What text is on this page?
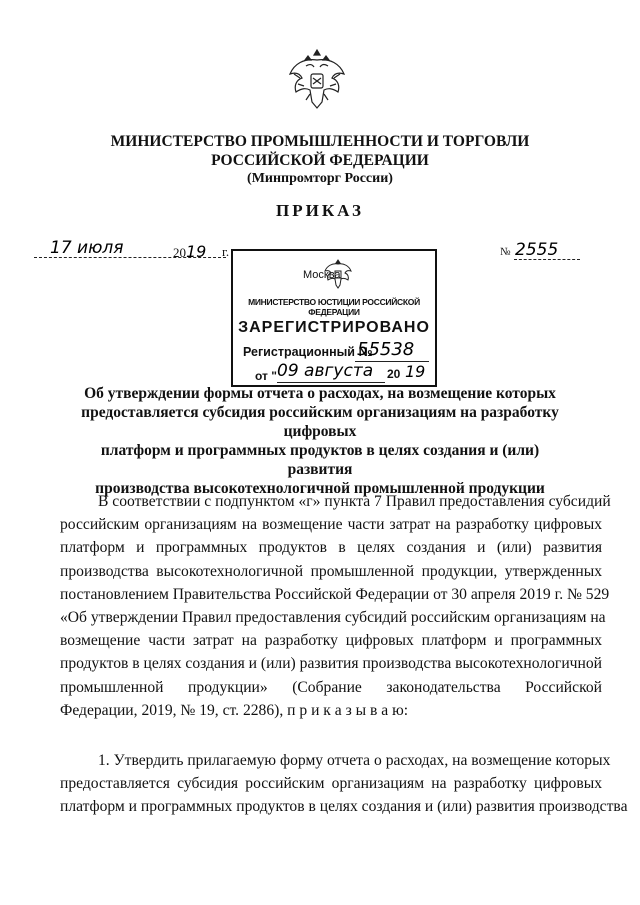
МИНИСТЕРСТВО ПРОМЫШЛЕННОСТИ И ТОРГОВЛИ
РОССИЙСКОЙ ФЕДЕРАЦИИ
(Минпромторг России)
ПРИКАЗ
17 июля	2019 г.	№ 2555
Москва
МИНИСТЕРСТВО ЮСТИЦИИ РОССИЙСКОЙ ФЕДЕРАЦИИ
ЗАРЕГИСТРИРОВАНО
Регистрационный №
55538
от " 09 августа 20 19
Об утверждении формы отчета о расходах, на возмещение которых
предоставляется субсидия российским организациям на разработку цифровых
платформ и программных продуктов в целях создания и (или) развития
производства высокотехнологичной промышленной продукции
В соответствии с подпунктом «г» пункта 7 Правил предоставления субсидий
российским организациям на возмещение части затрат на разработку цифровых
платформ и программных продуктов в целях создания и (или) развития
производства высокотехнологичной промышленной продукции, утвержденных
постановлением Правительства Российской Федерации от 30 апреля 2019 г. № 529
«Об утверждении Правил предоставления субсидий российским организациям на
возмещение части затрат на разработку цифровых платформ и программных
продуктов в целях создания и (или) развития производства высокотехнологичной
промышленной продукции» (Собрание законодательства Российской
Федерации, 2019, № 19, ст. 2286), п р и к а з ы в а ю:
1. Утвердить прилагаемую форму отчета о расходах, на возмещение которых
предоставляется субсидия российским организациям на разработку цифровых
платформ и программных продуктов в целях создания и (или) развития производства
